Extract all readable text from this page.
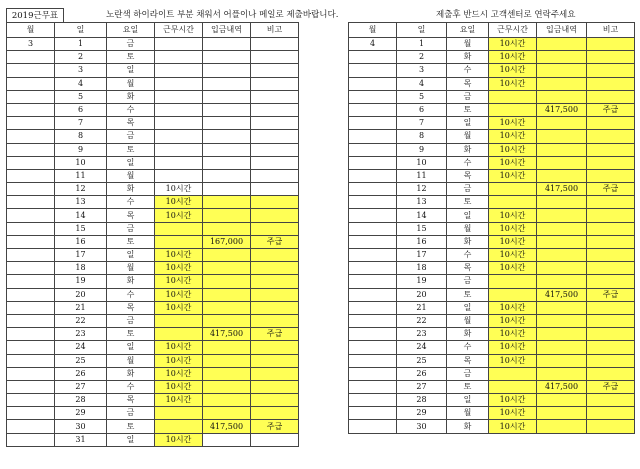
2019근무표	노란색 하이라이트 부분 채워서 어플이나 메일로 제출바랍니다.	제출후 반드시 고객센터로 연락주세요
월	일	요일	근무시간	입금내역	비고
3	1	금			
	2	토			
	3	일			
	4	월			
	5	화			
	6	수			
	7	목			
	8	금			
	9	토			
	10	일			
	11	월			
	12	화	10시간		
	13	수	10시간		
	14	목	10시간		
	15	금			
	16	토		167,000	주급
	17	일	10시간		
	18	월	10시간		
	19	화	10시간		
	20	수	10시간		
	21	목	10시간		
	22	금			
	23	토		417,500	주급
	24	일	10시간		
	25	월	10시간		
	26	화	10시간		
	27	수	10시간		
	28	목	10시간		
	29	금			
	30	토		417,500	주급
	31	일	10시간		
월	일	요일	근무시간	입금내역	비고
4	1	월	10시간		
	2	화	10시간		
	3	수	10시간		
	4	목	10시간		
	5	금			
	6	토		417,500	주급
	7	일	10시간		
	8	월	10시간		
	9	화	10시간		
	10	수	10시간		
	11	목	10시간		
	12	금		417,500	주급
	13	토			
	14	일	10시간		
	15	월	10시간		
	16	화	10시간		
	17	수	10시간		
	18	목	10시간		
	19	금			
	20	토		417,500	주급
	21	일	10시간		
	22	월	10시간		
	23	화	10시간		
	24	수	10시간		
	25	목	10시간		
	26	금			
	27	토		417,500	주급
	28	일	10시간		
	29	월	10시간		
	30	화	10시간		
